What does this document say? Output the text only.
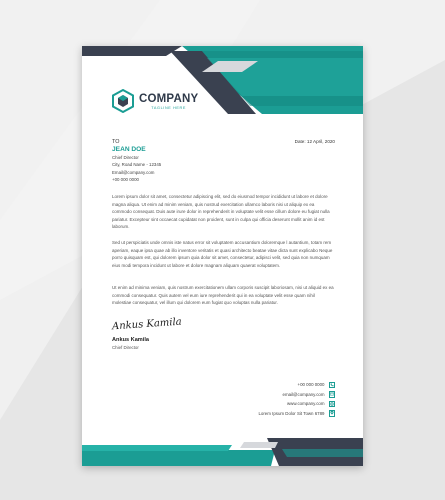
COMPANY
TAGLINE HERE
Date: 12 April, 2020
TO
JEAN DOE
Chief Director
City, Road Name - 12345
Email@company.com
+00 000 0000
Lorem ipsum dolor sit amet, consectetur adipiscing elit, sed do eiusmod tempor incididunt ut labore et dolore magna aliqua. Ut enim ad minim veniam, quis nostrud exercitation ullamco laboris nisi ut aliquip ex ea commodo consequat. Duis aute irure dolor in reprehenderit in voluptate velit esse cillum dolore eu fugiat nulla pariatur. Excepteur sint occaecat cupidatat non proident, sunt in culpa qui officia deserunt mollit anim id est laborum.
Sed ut perspiciatis unde omnis iste natus error sit voluptatem accusantium doloremque l autantium, totam rem aperiam, eaque ipsa quae ab illo inventore veritatis et quasi architecto beatae vitae dicta sunt explicabo Neque porro quisquam est, qui dolorem ipsum quia dolor sit amet, consectetur, adipisci velit, sed quia non numquam eius modi tempora incidunt ut labore et dolore magnam aliquam quaerat voluptatem.
Ut enim ad minima veniam, quis nostrum exercitationem ullam corporis suscipit laboriosam, nisi ut aliquid ex ea commodi consequatur. Quis autem vel eum iure reprehenderit qui in ea voluptate velit esse quam nihil molestiae consequatur, vel illum qui dolorem eum fugiat quo voluptas nulla pariatur.
Ankus Kamila
Ankus Kamila
Chief Director
+00 000 0000
email@company.com
www.company.com
Lorem Ipsum Dolor Sit Town 6789
